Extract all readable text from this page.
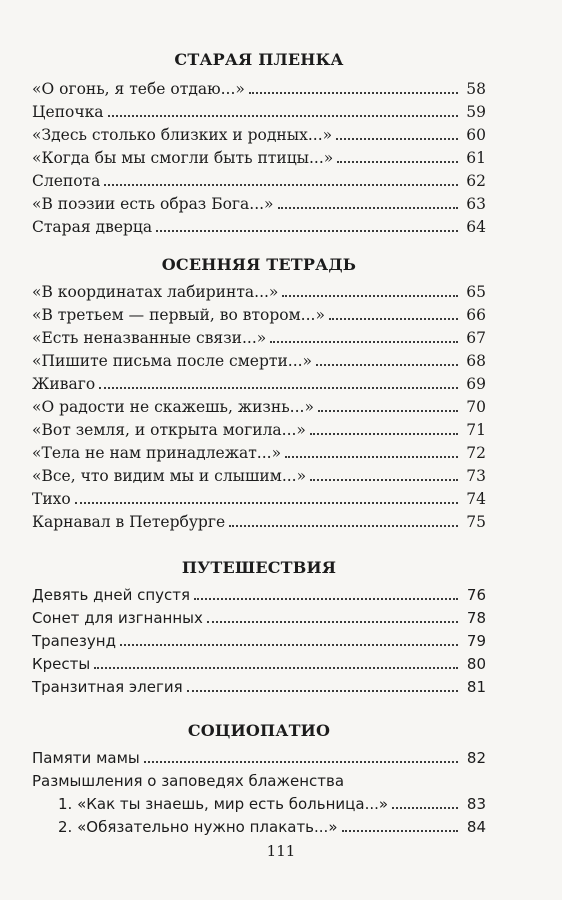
СТАРАЯ ПЛЕНКА
«О огонь, я тебе отдаю...»	58
Цепочка	59
«Здесь столько близких и родных...»	60
«Когда бы мы смогли быть птицы...»	61
Слепота	62
«В поэзии есть образ Бога...»	63
Старая дверца	64
ОСЕННЯЯ ТЕТРАДЬ
«В координатах лабиринта...»	65
«В третьем — первый, во втором...»	66
«Есть неназванные связи...»	67
«Пишите письма после смерти...»	68
Живаго	69
«О радости не скажешь, жизнь...»	70
«Вот земля, и открыта могила...»	71
«Тела не нам принадлежат...»	72
«Все, что видим мы и слышим...»	73
Тихо	74
Карнавал в Петербурге	75
ПУТЕШЕСТВИЯ
Девять дней спустя	76
Сонет для изгнанных	78
Трапезунд	79
Кресты	80
Транзитная элегия	81
СОЦИОПАТИО
Памяти мамы	82
Размышления о заповедях блаженства
1. «Как ты знаешь, мир есть больница...»	83
2. «Обязательно нужно плакать...»	84
111
